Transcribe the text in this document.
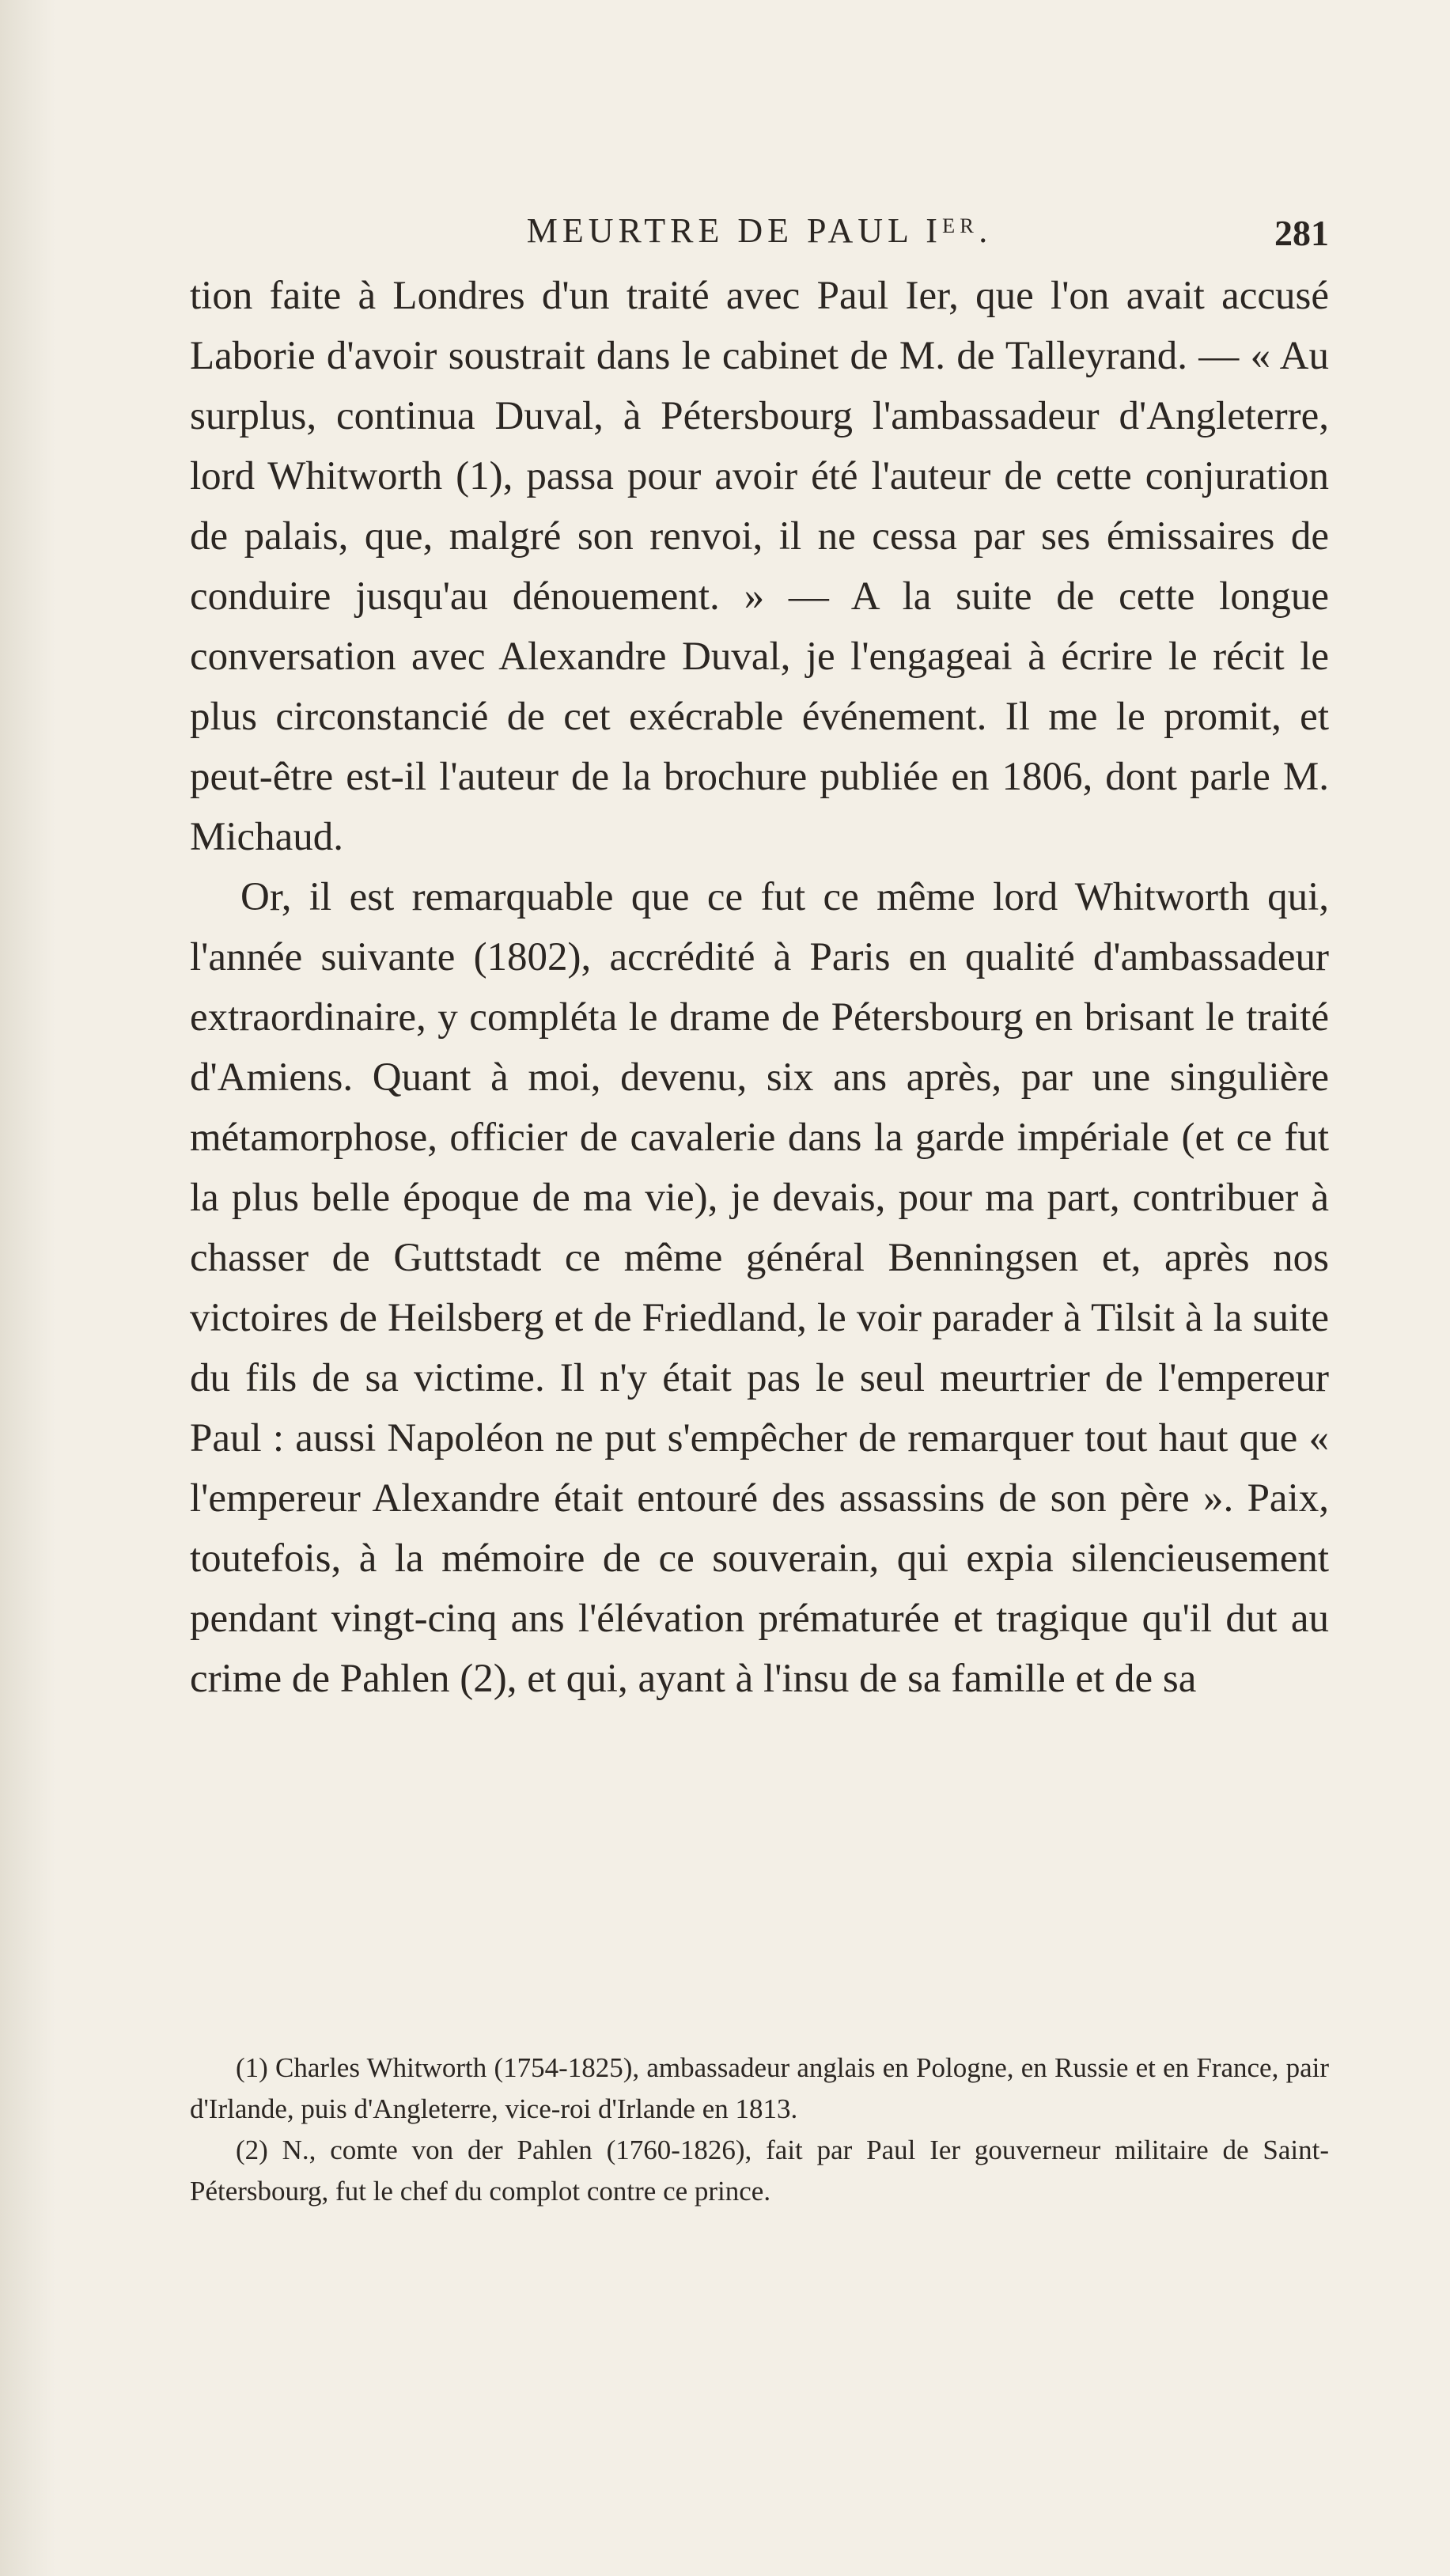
MEURTRE DE PAUL Iᴱᴿ.	281

tion faite à Londres d'un traité avec Paul Ier, que l'on avait accusé Laborie d'avoir soustrait dans le cabinet de M. de Talleyrand. — « Au surplus, continua Duval, à Pétersbourg l'ambassadeur d'Angleterre, lord Whitworth (1), passa pour avoir été l'auteur de cette conjuration de palais, que, malgré son renvoi, il ne cessa par ses émissaires de conduire jusqu'au dénouement. » — A la suite de cette longue conversation avec Alexandre Duval, je l'engageai à écrire le récit le plus circonstancié de cet exécrable événement. Il me le promit, et peut-être est-il l'auteur de la brochure publiée en 1806, dont parle M. Michaud.

Or, il est remarquable que ce fut ce même lord Whitworth qui, l'année suivante (1802), accrédité à Paris en qualité d'ambassadeur extraordinaire, y compléta le drame de Pétersbourg en brisant le traité d'Amiens. Quant à moi, devenu, six ans après, par une singulière métamorphose, officier de cavalerie dans la garde impériale (et ce fut la plus belle époque de ma vie), je devais, pour ma part, contribuer à chasser de Guttstadt ce même général Benningsen et, après nos victoires de Heilsberg et de Friedland, le voir parader à Tilsit à la suite du fils de sa victime. Il n'y était pas le seul meurtrier de l'empereur Paul : aussi Napoléon ne put s'empêcher de remarquer tout haut que « l'empereur Alexandre était entouré des assassins de son père ». Paix, toutefois, à la mémoire de ce souverain, qui expia silencieusement pendant vingt-cinq ans l'élévation prématurée et tragique qu'il dut au crime de Pahlen (2), et qui, ayant à l'insu de sa famille et de sa

(1) Charles Whitworth (1754-1825), ambassadeur anglais en Pologne, en Russie et en France, pair d'Irlande, puis d'Angleterre, vice-roi d'Irlande en 1813.

(2) N., comte von der Pahlen (1760-1826), fait par Paul Ier gouverneur militaire de Saint-Pétersbourg, fut le chef du complot contre ce prince.
